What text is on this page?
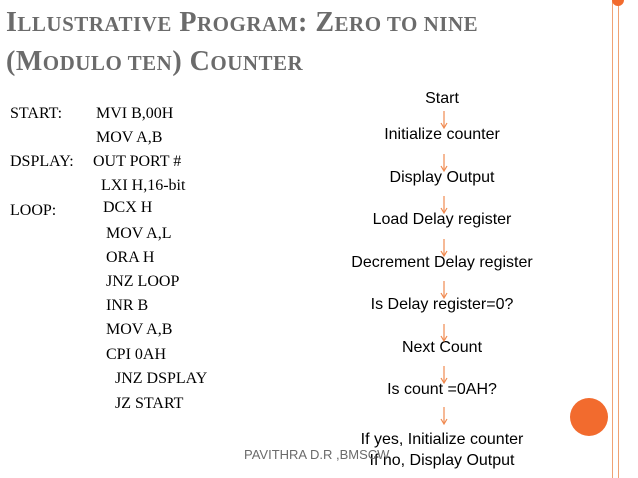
ILLUSTRATIVE PROGRAM: ZERO TO NINE
(MODULO TEN) COUNTER
START: MVI B,00H
MOV A,B
DSPLAY: OUT PORT #
LXI H,16-bit
LOOP:	DCX H
MOV A,L
ORA H
JNZ LOOP
INR B
MOV A,B
CPI 0AH
JNZ DSPLAY
JZ START
Start
Initialize counter
Display Output
Load Delay register
Decrement Delay register
Is Delay register=0?
Next Count
Is count =0AH?
If yes, Initialize counter
If no, Display Output
PAVITHRA D.R ,BMSCW
